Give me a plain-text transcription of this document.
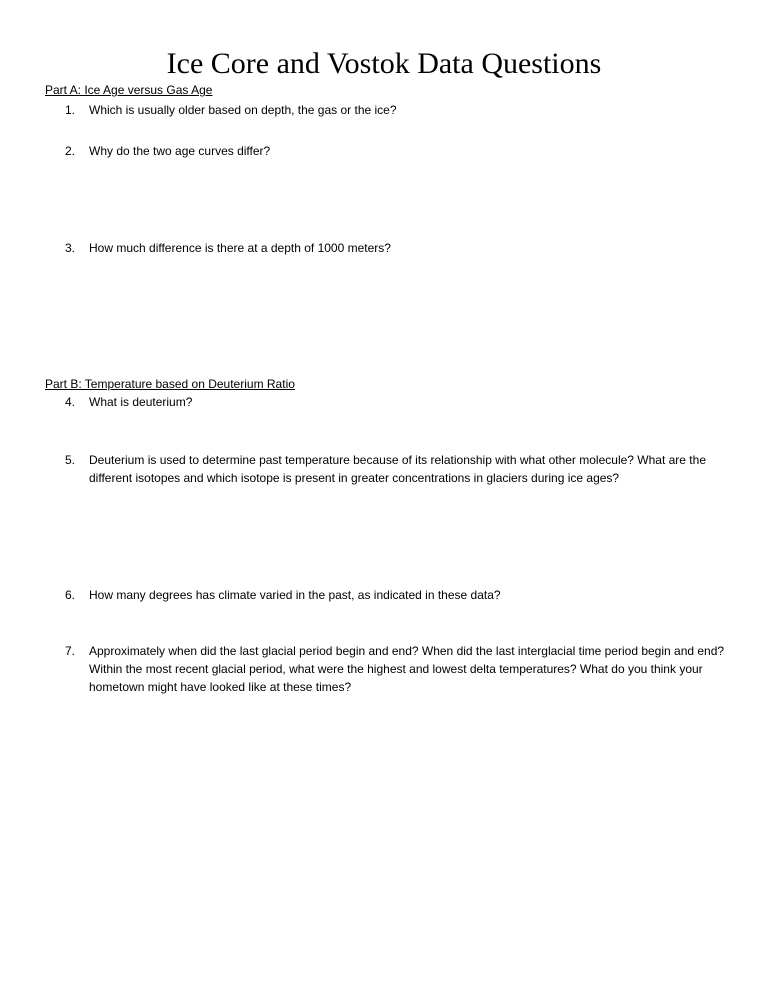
Ice Core and Vostok Data Questions

Part A: Ice Age versus Gas Age

1. Which is usually older based on depth, the gas or the ice?
2. Why do the two age curves differ?
3. How much difference is there at a depth of 1000 meters?

Part B: Temperature based on Deuterium Ratio

4. What is deuterium?
5. Deuterium is used to determine past temperature because of its relationship with what other molecule? What are the different isotopes and which isotope is present in greater concentrations in glaciers during ice ages?
6. How many degrees has climate varied in the past, as indicated in these data?
7. Approximately when did the last glacial period begin and end? When did the last interglacial time period begin and end? Within the most recent glacial period, what were the highest and lowest delta temperatures? What do you think your hometown might have looked like at these times?
